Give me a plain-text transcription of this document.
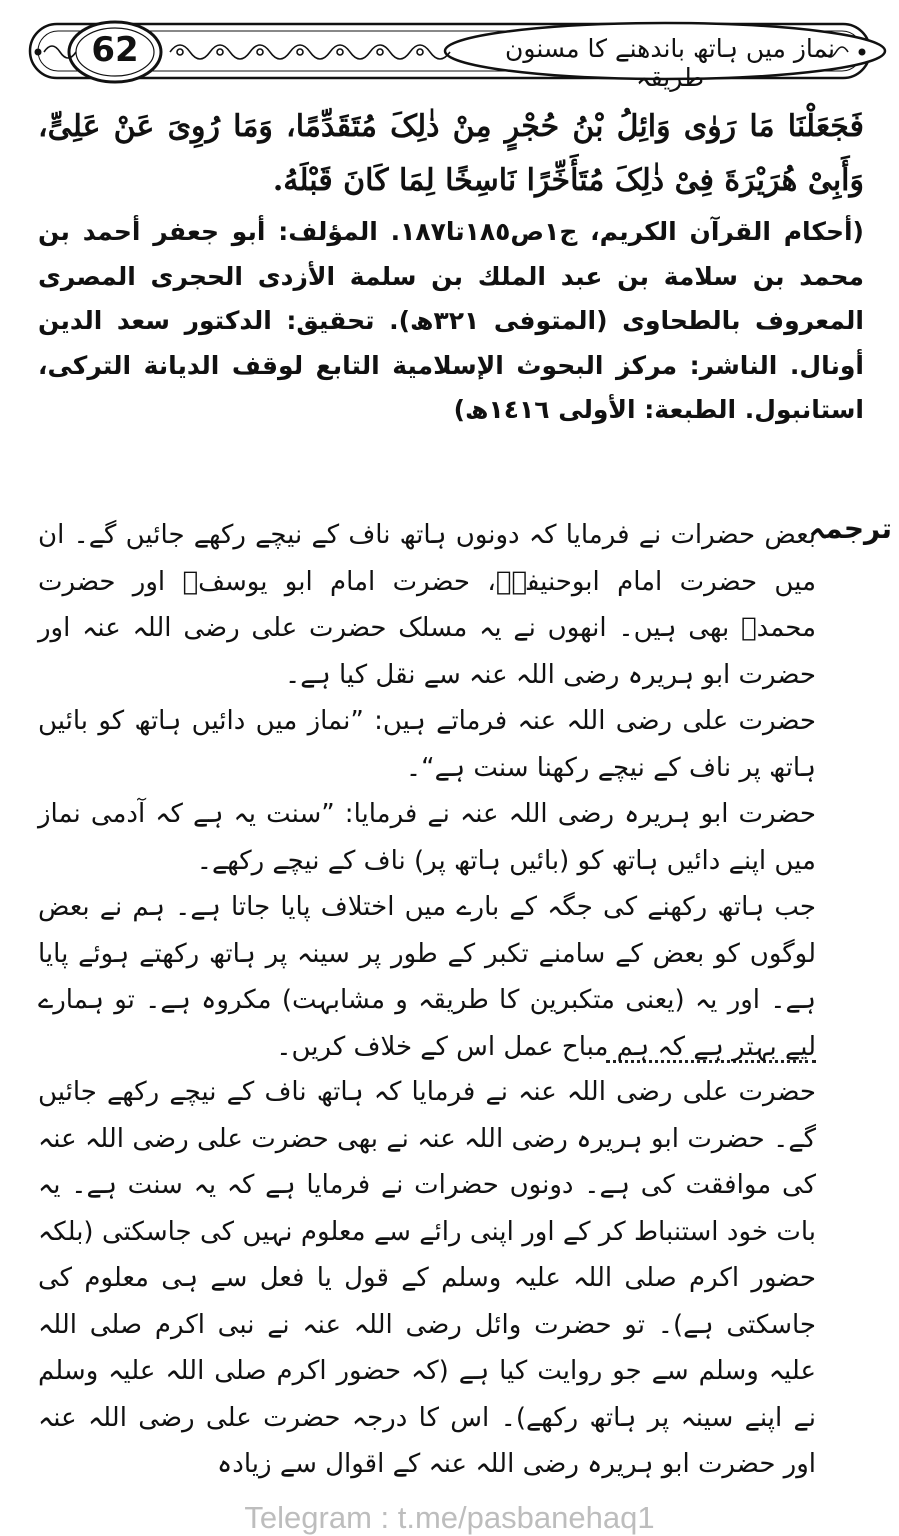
62	نماز میں ہاتھ باندھنے کا مسنون طریقہ
فَجَعَلْنَا مَا رَوٰی وَائِلُ بْنُ حُجْرٍ مِنْ ذٰلِکَ مُتَقَدِّمًا، وَمَا رُوِیَ عَنْ عَلِیٍّ، وَأَبِیْ هُرَیْرَةَ فِیْ ذٰلِکَ مُتَأَخِّرًا نَاسِخًا لِمَا کَانَ قَبْلَهُ.
(أحكام القرآن الكريم، ج١ص١٨٥تا١٨٧. المؤلف: أبو جعفر أحمد بن محمد بن سلامة بن عبد الملك بن سلمة الأزدی الحجری المصری المعروف بالطحاوی (المتوفی ٣٢١ھ). تحقيق: الدكتور سعد الدين أونال. الناشر: مركز البحوث الإسلامية التابع لوقف الديانة التركی، استانبول. الطبعة: الأولى ١٤١٦ھ)
ترجمہ

بعض حضرات نے فرمایا کہ دونوں ہاتھ ناف کے نیچے رکھے جائیں گے۔ ان میں حضرت امام ابوحنیفہؒ، حضرت امام ابو یوسفؒ اور حضرت محمدؒ بھی ہیں۔ انھوں نے یہ مسلک حضرت علی رضی اللہ عنہ اور حضرت ابو ہریرہ رضی اللہ عنہ سے نقل کیا ہے۔

حضرت علی رضی اللہ عنہ فرماتے ہیں: ”نماز میں دائیں ہاتھ کو بائیں ہاتھ پر ناف کے نیچے رکھنا سنت ہے“۔

حضرت ابو ہریرہ رضی اللہ عنہ نے فرمایا: ”سنت یہ ہے کہ آدمی نماز میں اپنے دائیں ہاتھ کو (بائیں ہاتھ پر) ناف کے نیچے رکھے۔

جب ہاتھ رکھنے کی جگہ کے بارے میں اختلاف پایا جاتا ہے۔ ہم نے بعض لوگوں کو بعض کے سامنے تکبر کے طور پر سینہ پر ہاتھ رکھتے ہوئے پایا ہے۔ اور یہ (یعنی متکبرین کا طریقہ و مشابہت) مکروہ ہے۔ تو ہمارے لیے بہتر ہے کہ ہم مباح عمل اس کے خلاف کریں۔

حضرت علی رضی اللہ عنہ نے فرمایا کہ ہاتھ ناف کے نیچے رکھے جائیں گے۔ حضرت ابو ہریرہ رضی اللہ عنہ نے بھی حضرت علی رضی اللہ عنہ کی موافقت کی ہے۔ دونوں حضرات نے فرمایا ہے کہ یہ سنت ہے۔ یہ بات خود استنباط کر کے اور اپنی رائے سے معلوم نہیں کی جاسکتی (بلکہ حضور اکرم صلی اللہ علیہ وسلم کے قول یا فعل سے ہی معلوم کی جاسکتی ہے)۔ تو حضرت وائل رضی اللہ عنہ نے نبی اکرم صلی اللہ علیہ وسلم سے جو روایت کیا ہے (کہ حضور اکرم صلی اللہ علیہ وسلم نے اپنے سینہ پر ہاتھ رکھے)۔ اس کا درجہ حضرت علی رضی اللہ عنہ اور حضرت ابو ہریرہ رضی اللہ عنہ کے اقوال سے زیادہ

Telegram : t.me/pasbanehaq1
